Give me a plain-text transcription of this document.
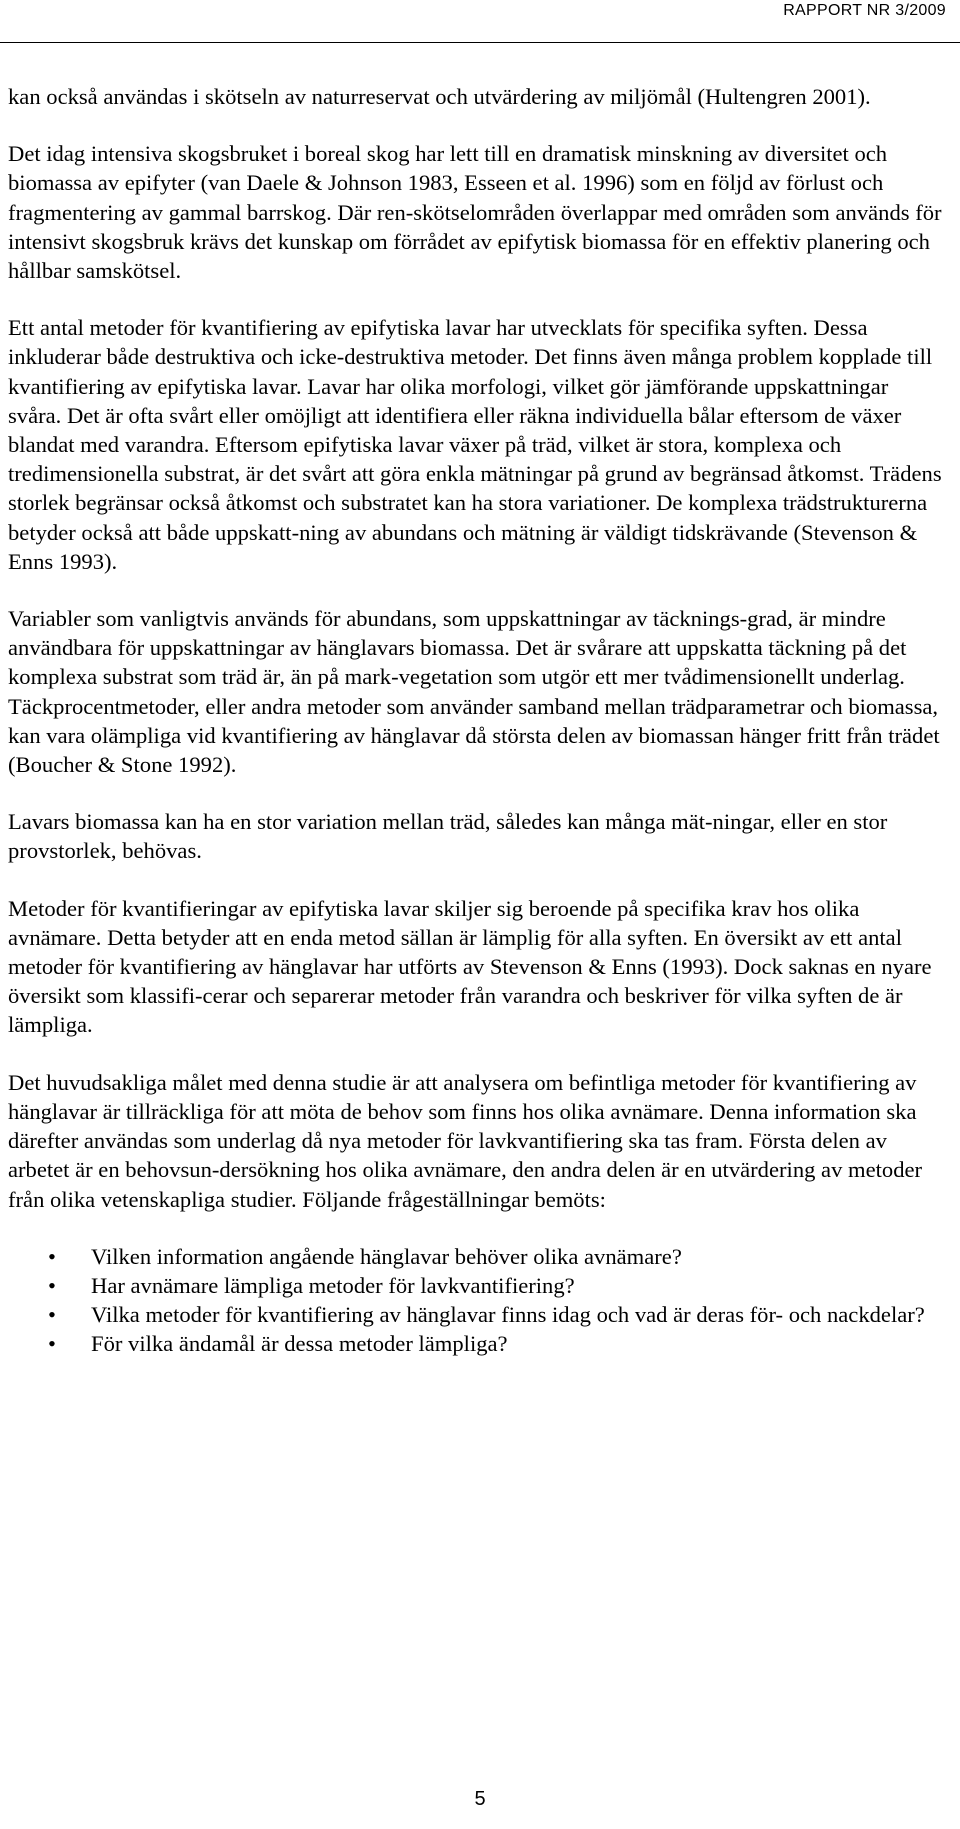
RAPPORT NR 3/2009

kan också användas i skötseln av naturreservat och utvärdering av miljömål (Hultengren 2001).

Det idag intensiva skogsbruket i boreal skog har lett till en dramatisk minskning av diversitet och biomassa av epifyter (van Daele & Johnson 1983, Esseen et al. 1996) som en följd av förlust och fragmentering av gammal barrskog. Där ren-skötselområden överlappar med områden som används för intensivt skogsbruk krävs det kunskap om förrådet av epifytisk biomassa för en effektiv planering och hållbar samskötsel.

Ett antal metoder för kvantifiering av epifytiska lavar har utvecklats för specifika syften. Dessa inkluderar både destruktiva och icke-destruktiva metoder. Det finns även många problem kopplade till kvantifiering av epifytiska lavar. Lavar har olika morfologi, vilket gör jämförande uppskattningar svåra. Det är ofta svårt eller omöjligt att identifiera eller räkna individuella bålar eftersom de växer blandat med varandra. Eftersom epifytiska lavar växer på träd, vilket är stora, komplexa och tredimensionella substrat, är det svårt att göra enkla mätningar på grund av begränsad åtkomst. Trädens storlek begränsar också åtkomst och substratet kan ha stora variationer. De komplexa trädstrukturerna betyder också att både uppskatt-ning av abundans och mätning är väldigt tidskrävande (Stevenson & Enns 1993).

Variabler som vanligtvis används för abundans, som uppskattningar av täcknings-grad, är mindre användbara för uppskattningar av hänglavars biomassa. Det är svårare att uppskatta täckning på det komplexa substrat som träd är, än på mark-vegetation som utgör ett mer tvådimensionellt underlag. Täckprocentmetoder, eller andra metoder som använder samband mellan trädparametrar och biomassa, kan vara olämpliga vid kvantifiering av hänglavar då största delen av biomassan hänger fritt från trädet (Boucher & Stone 1992).

Lavars biomassa kan ha en stor variation mellan träd, således kan många mät-ningar, eller en stor provstorlek, behövas.

Metoder för kvantifieringar av epifytiska lavar skiljer sig beroende på specifika krav hos olika avnämare. Detta betyder att en enda metod sällan är lämplig för alla syften. En översikt av ett antal metoder för kvantifiering av hänglavar har utförts av Stevenson & Enns (1993). Dock saknas en nyare översikt som klassifi-cerar och separerar metoder från varandra och beskriver för vilka syften de är lämpliga.

Det huvudsakliga målet med denna studie är att analysera om befintliga metoder för kvantifiering av hänglavar är tillräckliga för att möta de behov som finns hos olika avnämare. Denna information ska därefter användas som underlag då nya metoder för lavkvantifiering ska tas fram. Första delen av arbetet är en behovsun-dersökning hos olika avnämare, den andra delen är en utvärdering av metoder från olika vetenskapliga studier. Följande frågeställningar bemöts:

• Vilken information angående hänglavar behöver olika avnämare?
• Har avnämare lämpliga metoder för lavkvantifiering?
• Vilka metoder för kvantifiering av hänglavar finns idag och vad är deras för- och nackdelar?
• För vilka ändamål är dessa metoder lämpliga?
5
